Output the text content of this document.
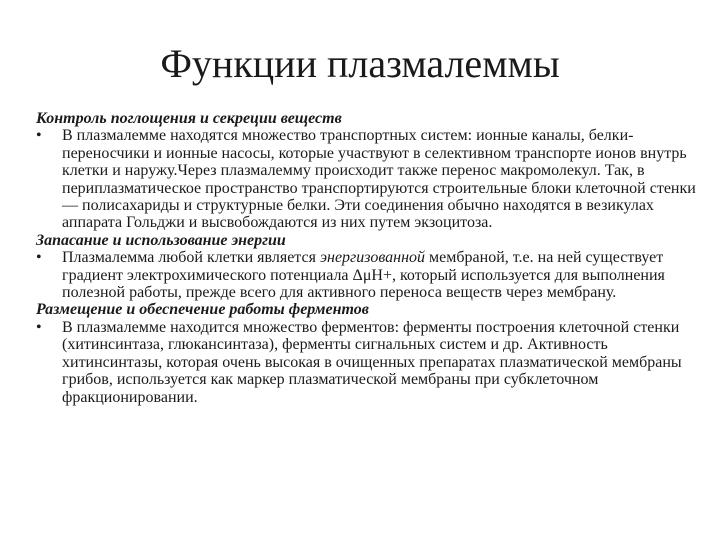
Функции плазмалеммы

Контроль поглощения и секреции веществ

•	В плазмалемме находятся множество транспортных систем: ионные каналы, белки-переносчики и ионные насосы, которые участвуют в селективном транспорте ионов внутрь клетки и наружу.Через плазмалемму происходит также перенос макромолекул. Так, в периплазматическое пространство транспортируются строительные блоки клеточной стенки — полисахариды и структурные белки. Эти соединения обычно находятся в везикулах аппарата Гольджи и высвобождаются из них путем экзоцитоза.

Запасание и использование энергии

•	Плазмалемма любой клетки является энергизованной мембраной, т.е. на ней существует градиент электрохимического потенциала ΔμН+, который используется для выполнения полезной работы, прежде всего для активного переноса веществ через мембрану.

Размещение и обеспечение работы ферментов

•	В плазмалемме находится множество ферментов: ферменты построения клеточной стенки (хитинсинтаза, глюкансинтаза), ферменты сигнальных систем и др. Активность хитинсинтазы, которая очень высокая в очищенных препаратах плазматической мембраны грибов, используется как маркер плазматической мембраны при субклеточном фракционировании.
